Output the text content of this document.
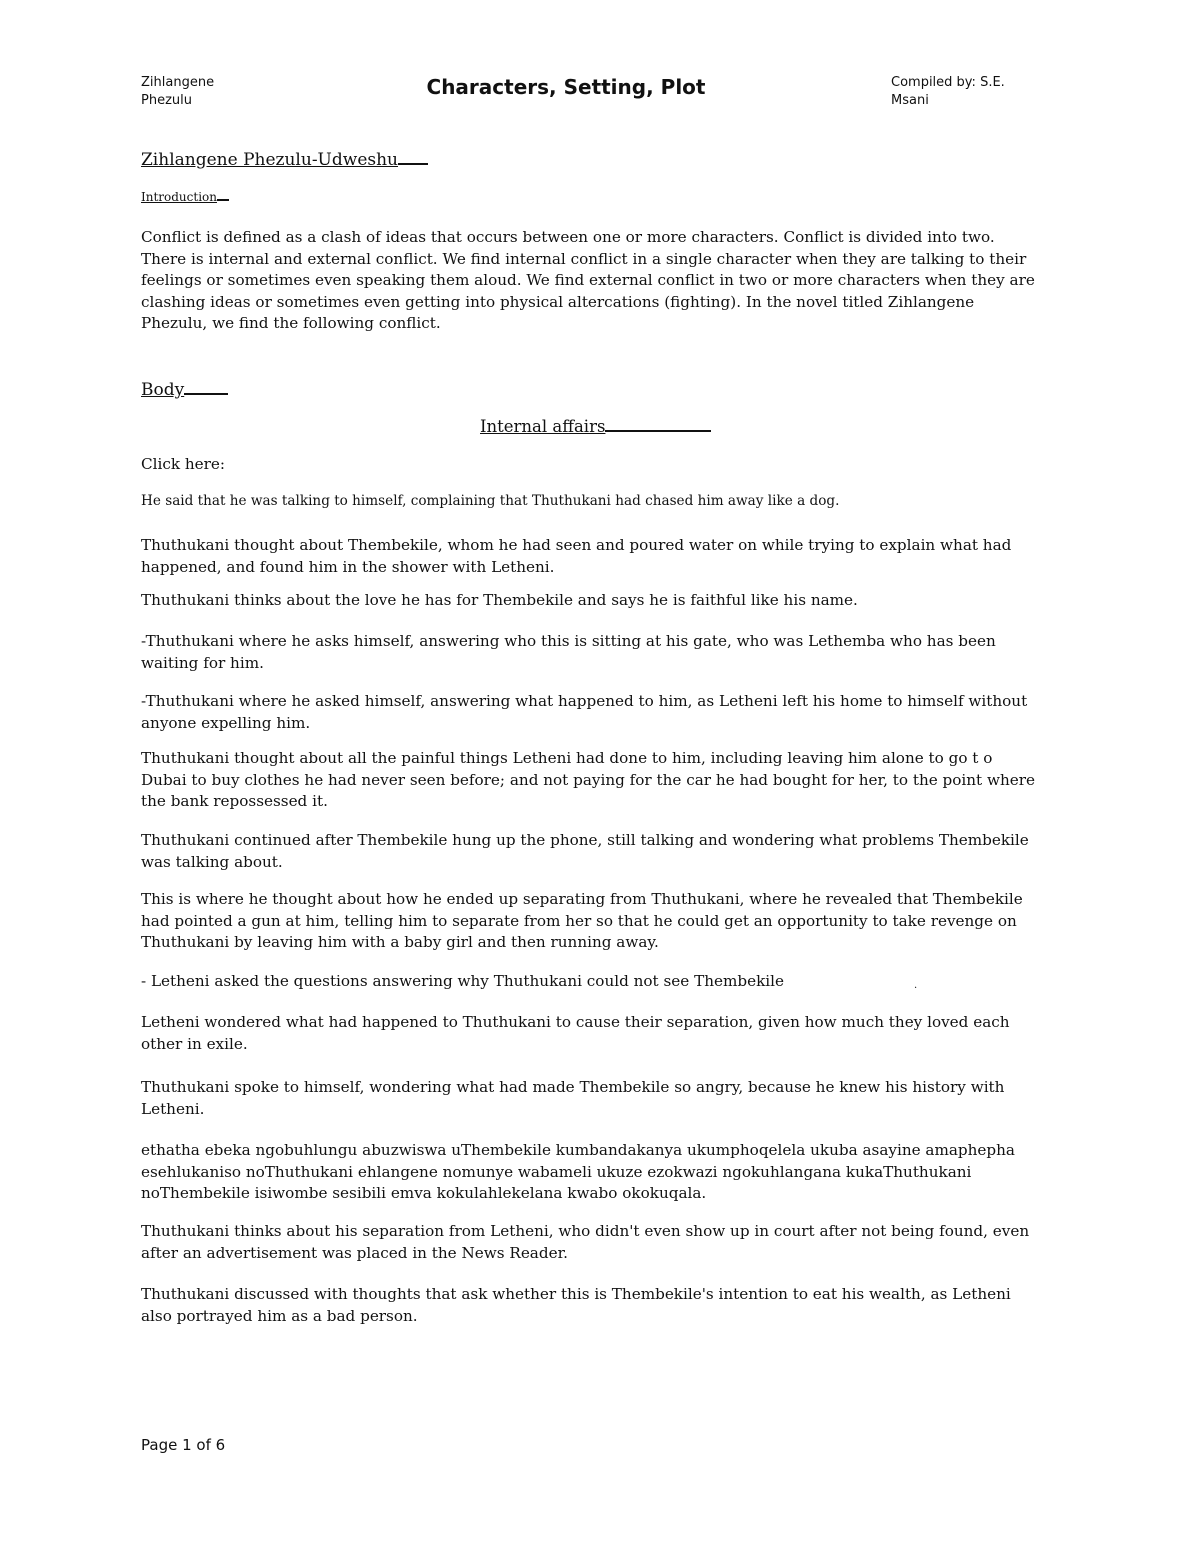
Zihlangene
Phezulu
Characters, Setting, Plot	Compiled by: S.E.
Msani
Zihlangene Phezulu-Udweshu
Introduction

Conflict is defined as a clash of ideas that occurs between one or more characters. Conflict is divided into two. There is internal and external conflict. We find internal conflict in a single character when they are talking to their feelings or sometimes even speaking them aloud. We find external conflict in two or more characters when they are clashing ideas or sometimes even getting into physical altercations (fighting). In the novel titled Zihlangene Phezulu, we find the following conflict.

Body
Internal affairs

Click here:

He said that he was talking to himself, complaining that Thuthukani had chased him away like a dog.

Thuthukani thought about Thembekile, whom he had seen and poured water on while trying to explain what had happened, and found him in the shower with Letheni.

Thuthukani thinks about the love he has for Thembekile and says he is faithful like his name.

-Thuthukani where he asks himself, answering who this is sitting at his gate, who was Lethemba who has been waiting for him.

-Thuthukani where he asked himself, answering what happened to him, as Letheni left his home to himself without anyone expelling him.

Thuthukani thought about all the painful things Letheni had done to him, including leaving him alone to go t o Dubai to buy clothes he had never seen before; and not paying for the car he had bought for her, to the point where the bank repossessed it.

Thuthukani continued after Thembekile hung up the phone, still talking and wondering what problems Thembekile was talking about.

This is where he thought about how he ended up separating from Thuthukani, where he revealed that Thembekile had pointed a gun at him, telling him to separate from her so that he could get an opportunity to take revenge on Thuthukani by leaving him with a baby girl and then running away.

- Letheni asked the questions answering why Thuthukani could not see Thembekile	.

Letheni wondered what had happened to Thuthukani to cause their separation, given how much they loved each other in exile.

Thuthukani spoke to himself, wondering what had made Thembekile so angry, because he knew his history with Letheni.

ethatha ebeka ngobuhlungu abuzwiswa uThembekile kumbandakanya ukumphoqelela ukuba asayine amaphepha esehlukaniso noThuthukani ehlangene nomunye wabameli ukuze ezokwazi ngokuhlangana kukaThuthukani noThembekile isiwombe sesibili emva kokulahlekelana kwabo okokuqala.

Thuthukani thinks about his separation from Letheni, who didn't even show up in court after not being found, even after an advertisement was placed in the News Reader.

Thuthukani discussed with thoughts that ask whether this is Thembekile's intention to eat his wealth, as Letheni also portrayed him as a bad person.

Page 1 of 6
